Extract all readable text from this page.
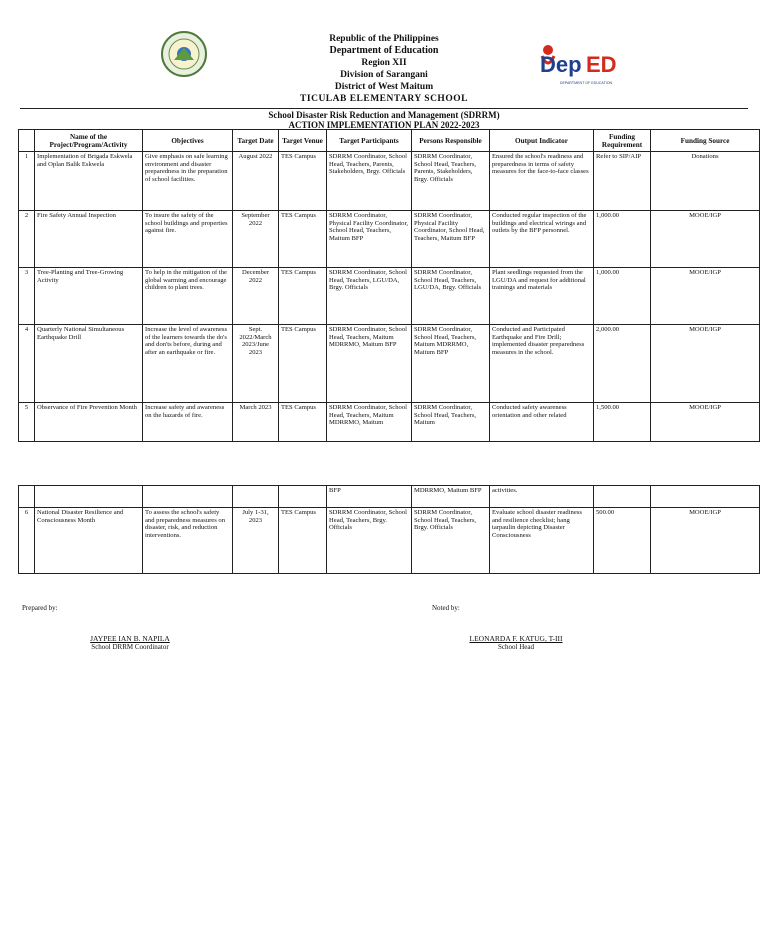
Republic of the Philippines
Department of Education
Region XII
Division of Sarangani
District of West Maitum
TICULAB ELEMENTARY SCHOOL
Dep ED
DEPARTMENT OF EDUCATION
School Disaster Risk Reduction and Management (SDRRM)
ACTION IMPLEMENTATION PLAN 2022-2023
	Name of the Project/Program/Activity	Objectives	Target Date	Target Venue	Target Participants	Persons Responsible	Output Indicator	Funding Requirement	Funding Source
1	Implementation of Brigada Eskwela and Oplan Balik Eskwela	Give emphasis on safe learning environment and disaster preparedness in the preparation of school facilities.	August 2022	TES Campus	SDRRM Coordinator, School Head, Teachers, Parents, Stakeholders, Brgy. Officials	SDRRM Coordinator, School Head, Teachers, Parents, Stakeholders, Brgy. Officials	Ensured the school's readiness and preparedness in terms of safety measures for the face-to-face classes	Refer to SIP/AIP	Donations
2	Fire Safety Annual Inspection	To insure the safety of the school buildings and properties against fire.	September 2022	TES Campus	SDRRM Coordinator, Physical Facility Coordinator, School Head, Teachers, Maitum BFP	SDRRM Coordinator, Physical Facility Coordinator, School Head, Teachers, Maitum BFP	Conducted regular inspection of the buildings and electrical wirings and outlets by the BFP personnel.	1,000.00	MOOE/IGP
3	Tree-Planting and Tree-Growing Activity	To help in the mitigation of the global warming and encourage children to plant trees.	December 2022	TES Campus	SDRRM Coordinator, School Head, Teachers, LGU/DA, Brgy. Officials	SDRRM Coordinator, School Head, Teachers, LGU/DA, Brgy. Officials	Plant seedlings requested from the LGU/DA and request for additional trainings and materials	1,000.00	MOOE/IGP
4	Quarterly National Simultaneous Earthquake Drill	Increase the level of awareness of the learners towards the do's and don'ts before, during and after an earthquake or fire.	Sept. 2022/March 2023/June 2023	TES Campus	SDRRM Coordinator, School Head, Teachers, Maitum MDRRMO, Maitum BFP	SDRRM Coordinator, School Head, Teachers, Maitum MDRRMO, Maitum BFP	Conducted and Participated Earthquake and Fire Drill; implemented disaster preparedness measures in the school.	2,000.00	MOOE/IGP
5	Observance of Fire Prevention Month	Increase safety and awareness on the hazards of fire.	March 2023	TES Campus	SDRRM Coordinator, School Head, Teachers, Maitum MDRRMO, Maitum	SDRRM Coordinator, School Head, Teachers, Maitum	Conducted safety awareness orientation and other related	1,500.00	MOOE/IGP
					BFP	MDRRMO, Maitum BFP	activities.		
6	National Disaster Resilience and Consciousness Month	To assess the school's safety and preparedness measures on disaster, risk, and reduction interventions.	July 1-31, 2023	TES Campus	SDRRM Coordinator, School Head, Teachers, Brgy. Officials	SDRRM Coordinator, School Head, Teachers, Brgy. Officials	Evaluate school disaster readiness and resilience checklist; hang tarpaulin depicting Disaster Consciousness	500.00	MOOE/IGP
Prepared by:	Noted by:
JAYPEE IAN B. NAPILA
School DRRM Coordinator
LEONARDA F. KATUG, T-III
School Head
